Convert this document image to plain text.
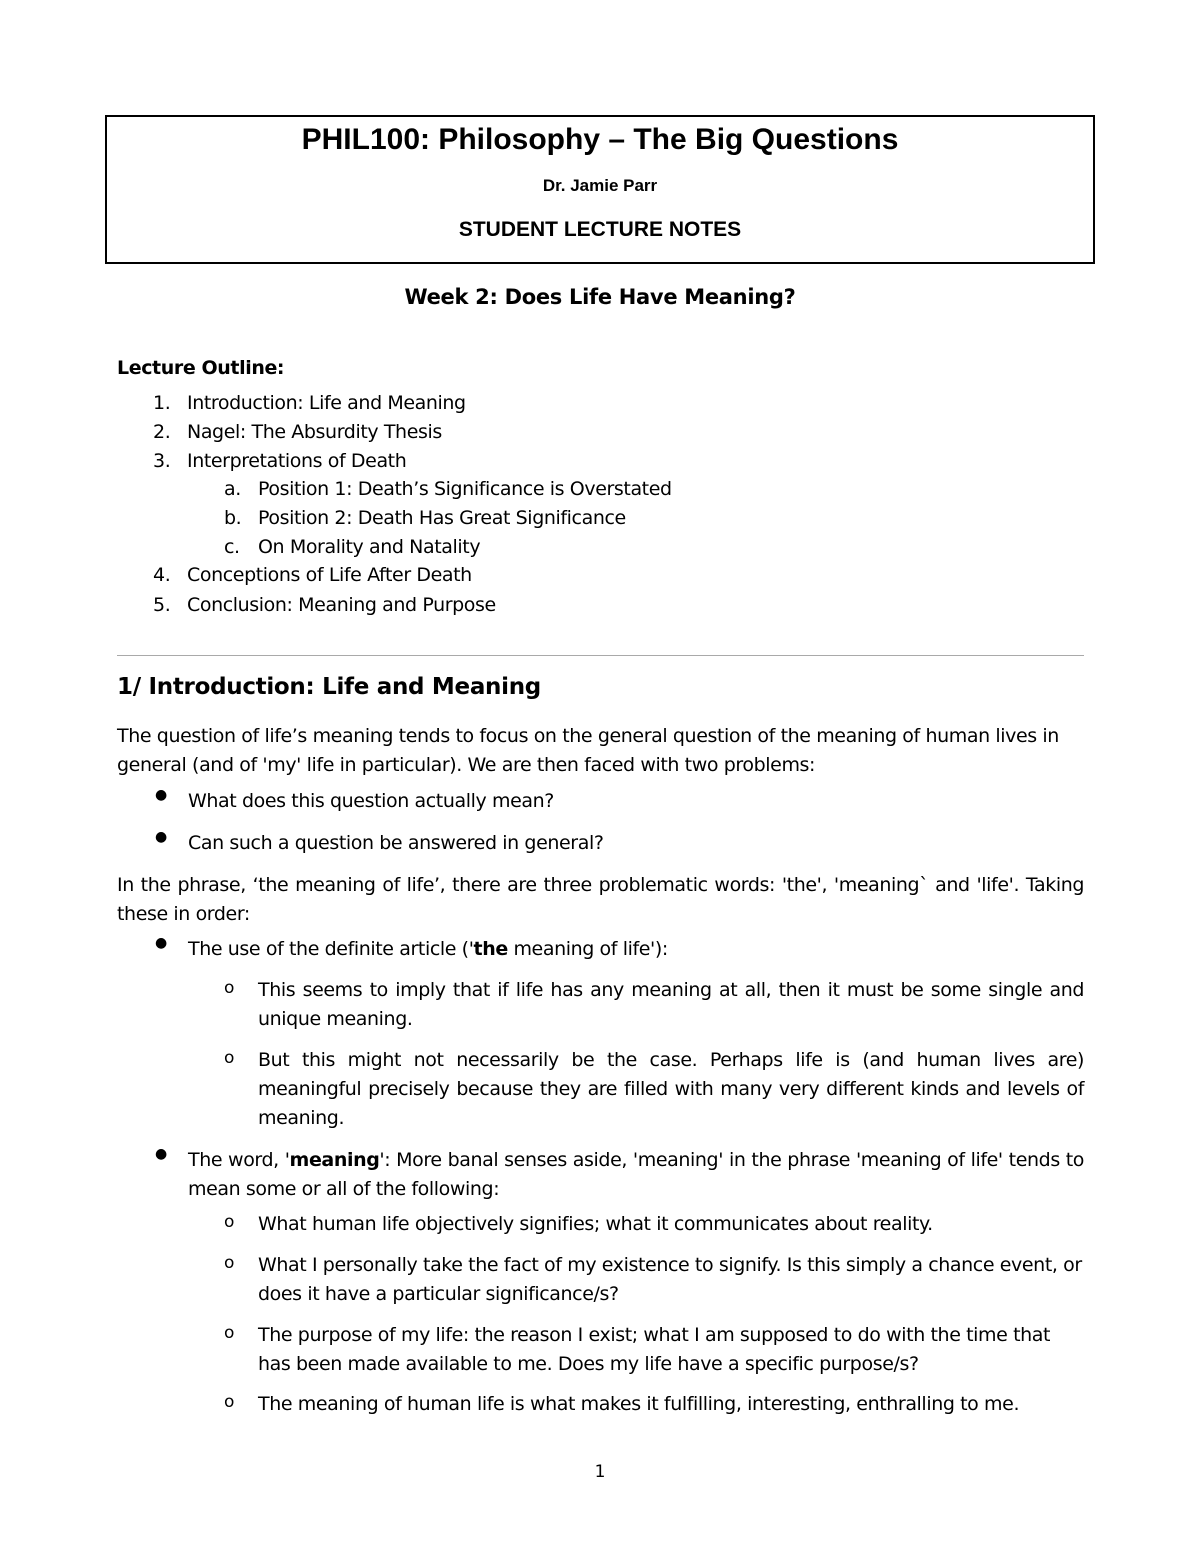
PHIL100: Philosophy – The Big Questions
Dr. Jamie Parr
STUDENT LECTURE NOTES
Week 2: Does Life Have Meaning?
Lecture Outline:
1. Introduction: Life and Meaning
2. Nagel: The Absurdity Thesis
3. Interpretations of Death
a. Position 1: Death’s Significance is Overstated
b. Position 2: Death Has Great Significance
c. On Morality and Natality
4. Conceptions of Life After Death
5. Conclusion: Meaning and Purpose
1/ Introduction: Life and Meaning
The question of life’s meaning tends to focus on the general question of the meaning of human lives in general (and of 'my' life in particular). We are then faced with two problems:
● What does this question actually mean?
● Can such a question be answered in general?
In the phrase, ‘the meaning of life’, there are three problematic words: 'the', 'meaning` and 'life'. Taking these in order:
● The use of the definite article ('the meaning of life'):
o This seems to imply that if life has any meaning at all, then it must be some single and unique meaning.
o But this might not necessarily be the case. Perhaps life is (and human lives are) meaningful precisely because they are filled with many very different kinds and levels of meaning.
● The word, 'meaning': More banal senses aside, 'meaning' in the phrase 'meaning of life' tends to mean some or all of the following:
o What human life objectively signifies; what it communicates about reality.
o What I personally take the fact of my existence to signify. Is this simply a chance event, or does it have a particular significance/s?
o The purpose of my life: the reason I exist; what I am supposed to do with the time that has been made available to me. Does my life have a specific purpose/s?
o The meaning of human life is what makes it fulfilling, interesting, enthralling to me.
1
